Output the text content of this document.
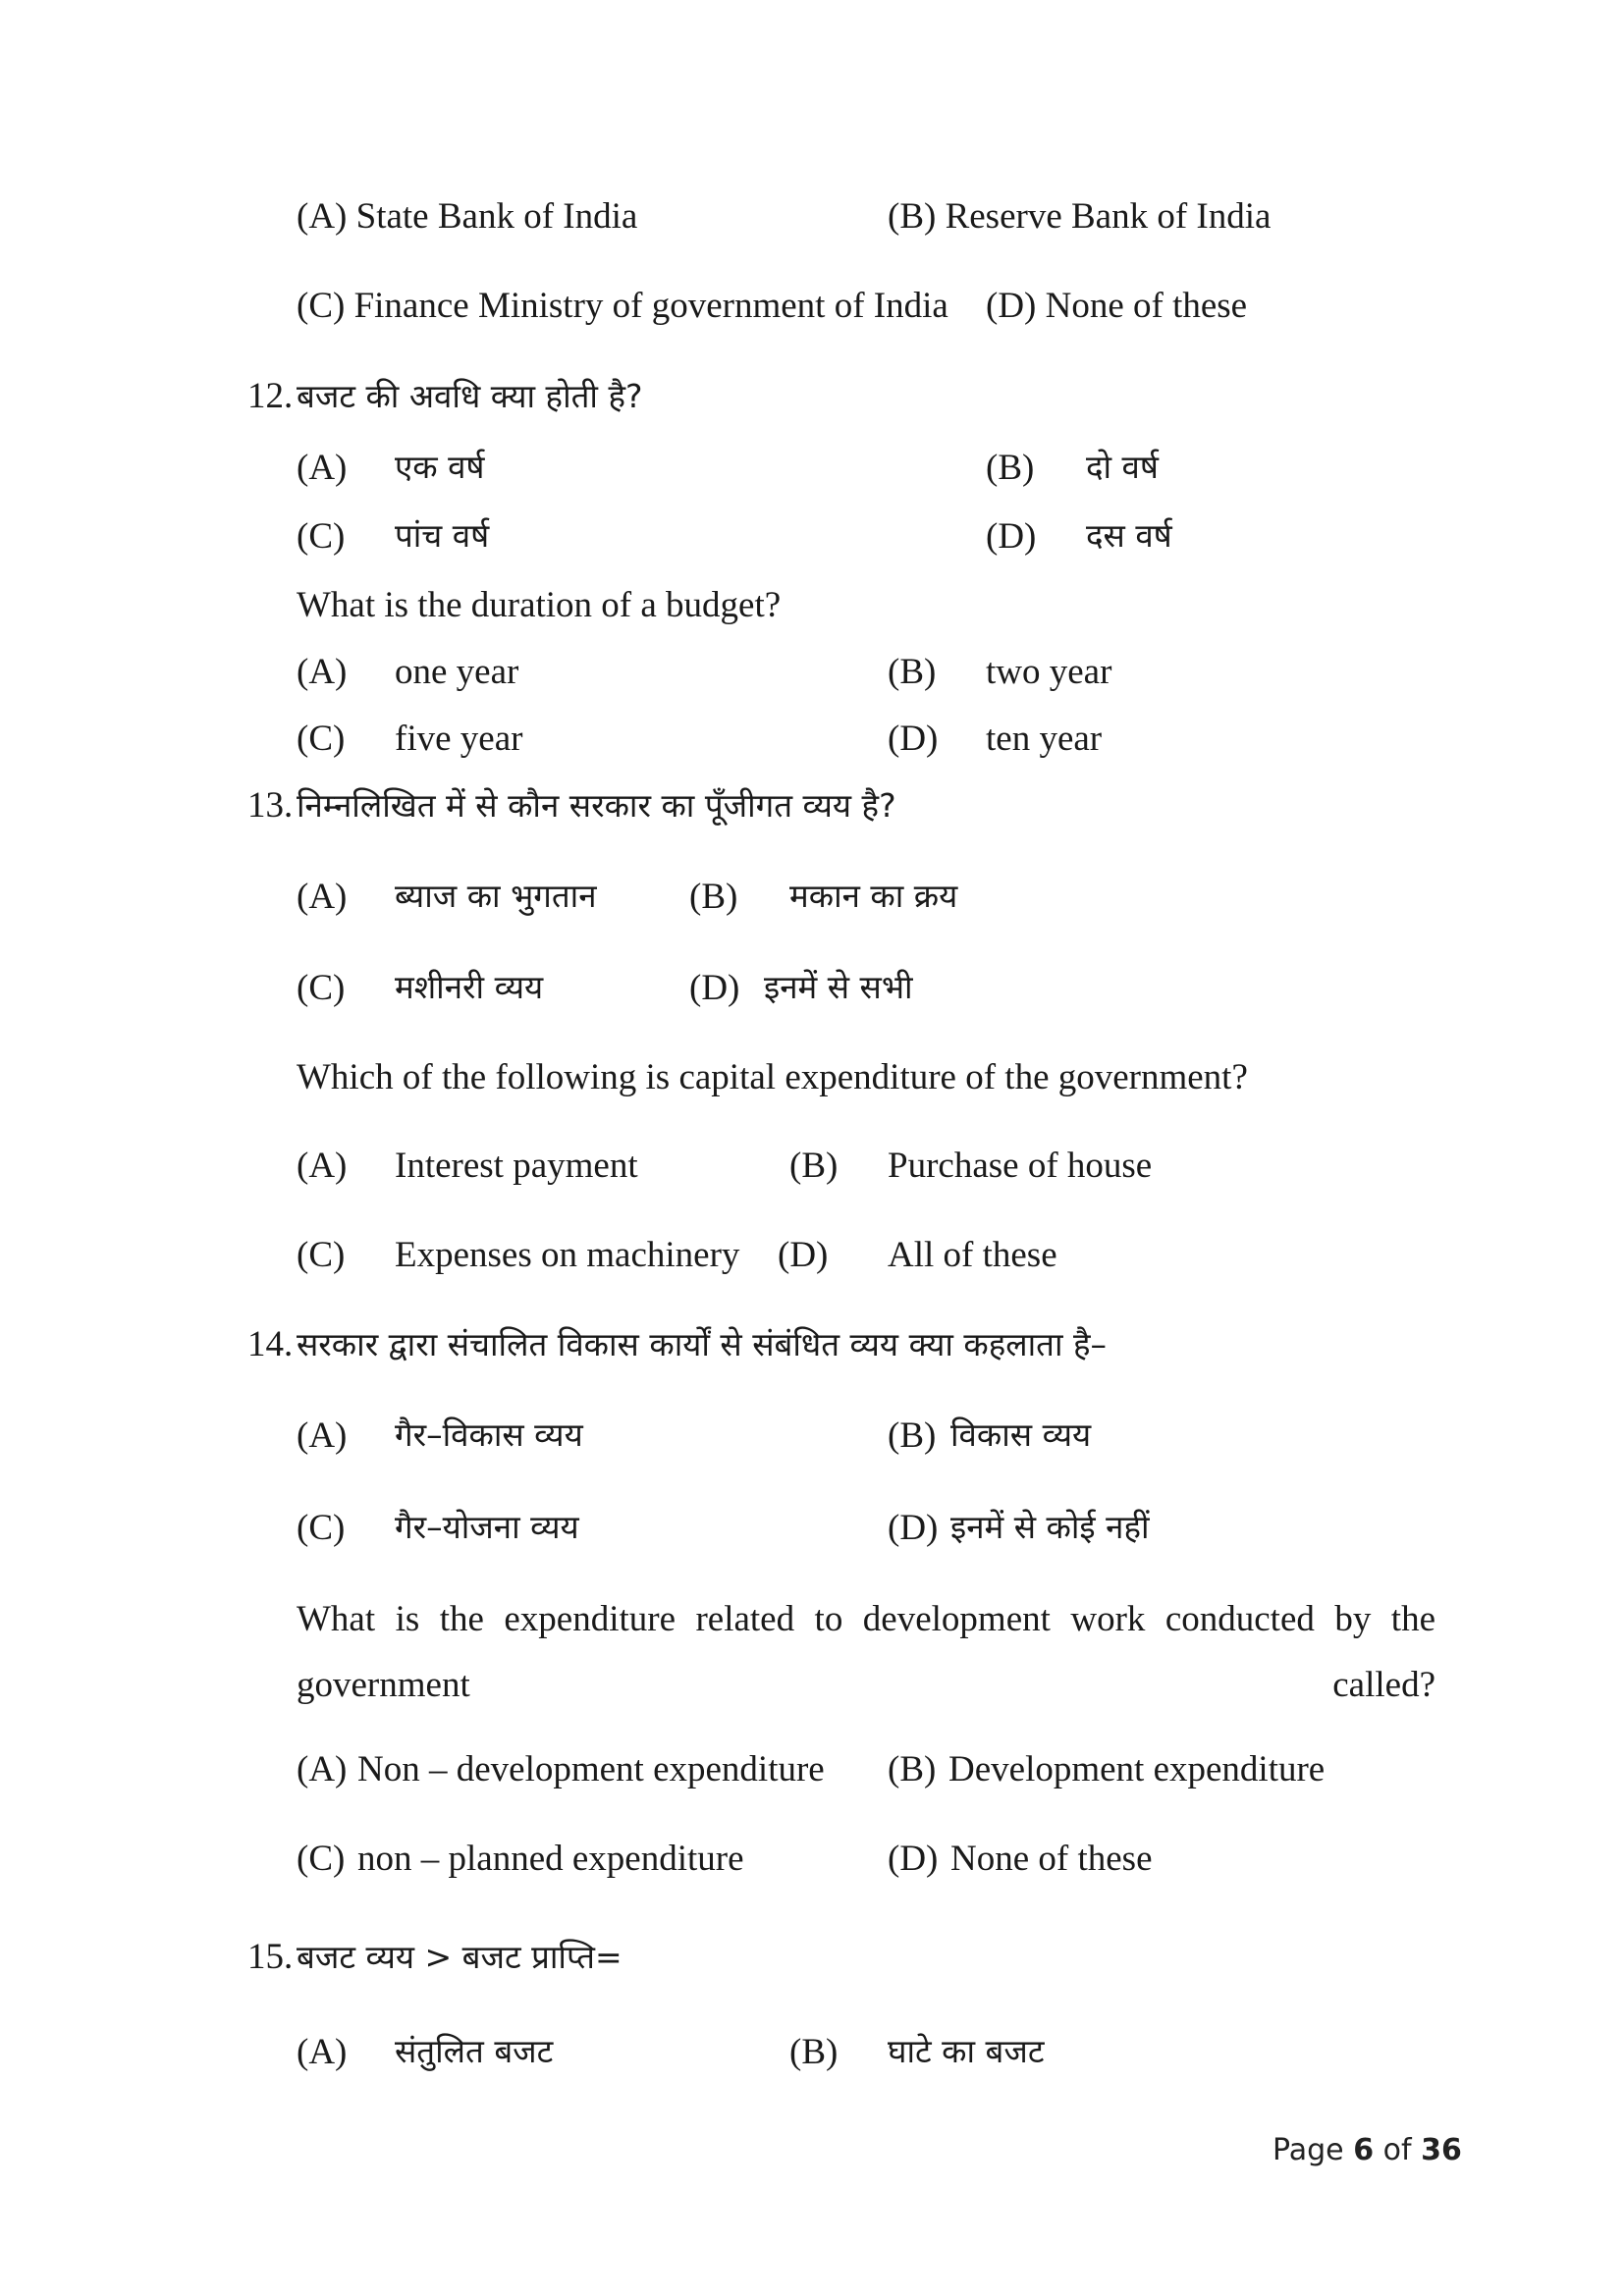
(A) State Bank of India	(B) Reserve Bank of India
(C) Finance Ministry of government of India (D) None of these
12. बजट की अवधि क्या होती है?
(A) एक वर्ष	(B) दो वर्ष
(C) पांच वर्ष	(D) दस वर्ष
What is the duration of a budget?
(A) one year	(B) two year
(C) five year	(D) ten year
13. निम्नलिखित में से कौन सरकार का पूँजीगत व्यय है?
(A) ब्याज का भुगतान	(B) मकान का क्रय
(C) मशीनरी व्यय	(D) इनमें से सभी
Which of the following is capital expenditure of the government?
(A) Interest payment	(B) Purchase of house
(C) Expenses on machinery (D) All of these
14. सरकार द्वारा संचालित विकास कार्यों से संबंधित व्यय क्या कहलाता है–
(A) गैर–विकास व्यय	(B) विकास व्यय
(C) गैर–योजना व्यय	(D) इनमें से कोई नहीं
What is the expenditure related to development work conducted by the government called?
(A) Non – development expenditure (B) Development expenditure
(C) non – planned expenditure	(D) None of these
15. बजट व्यय > बजट प्राप्ति=
(A) संतुलित बजट	(B) घाटे का बजट
Page 6 of 36
